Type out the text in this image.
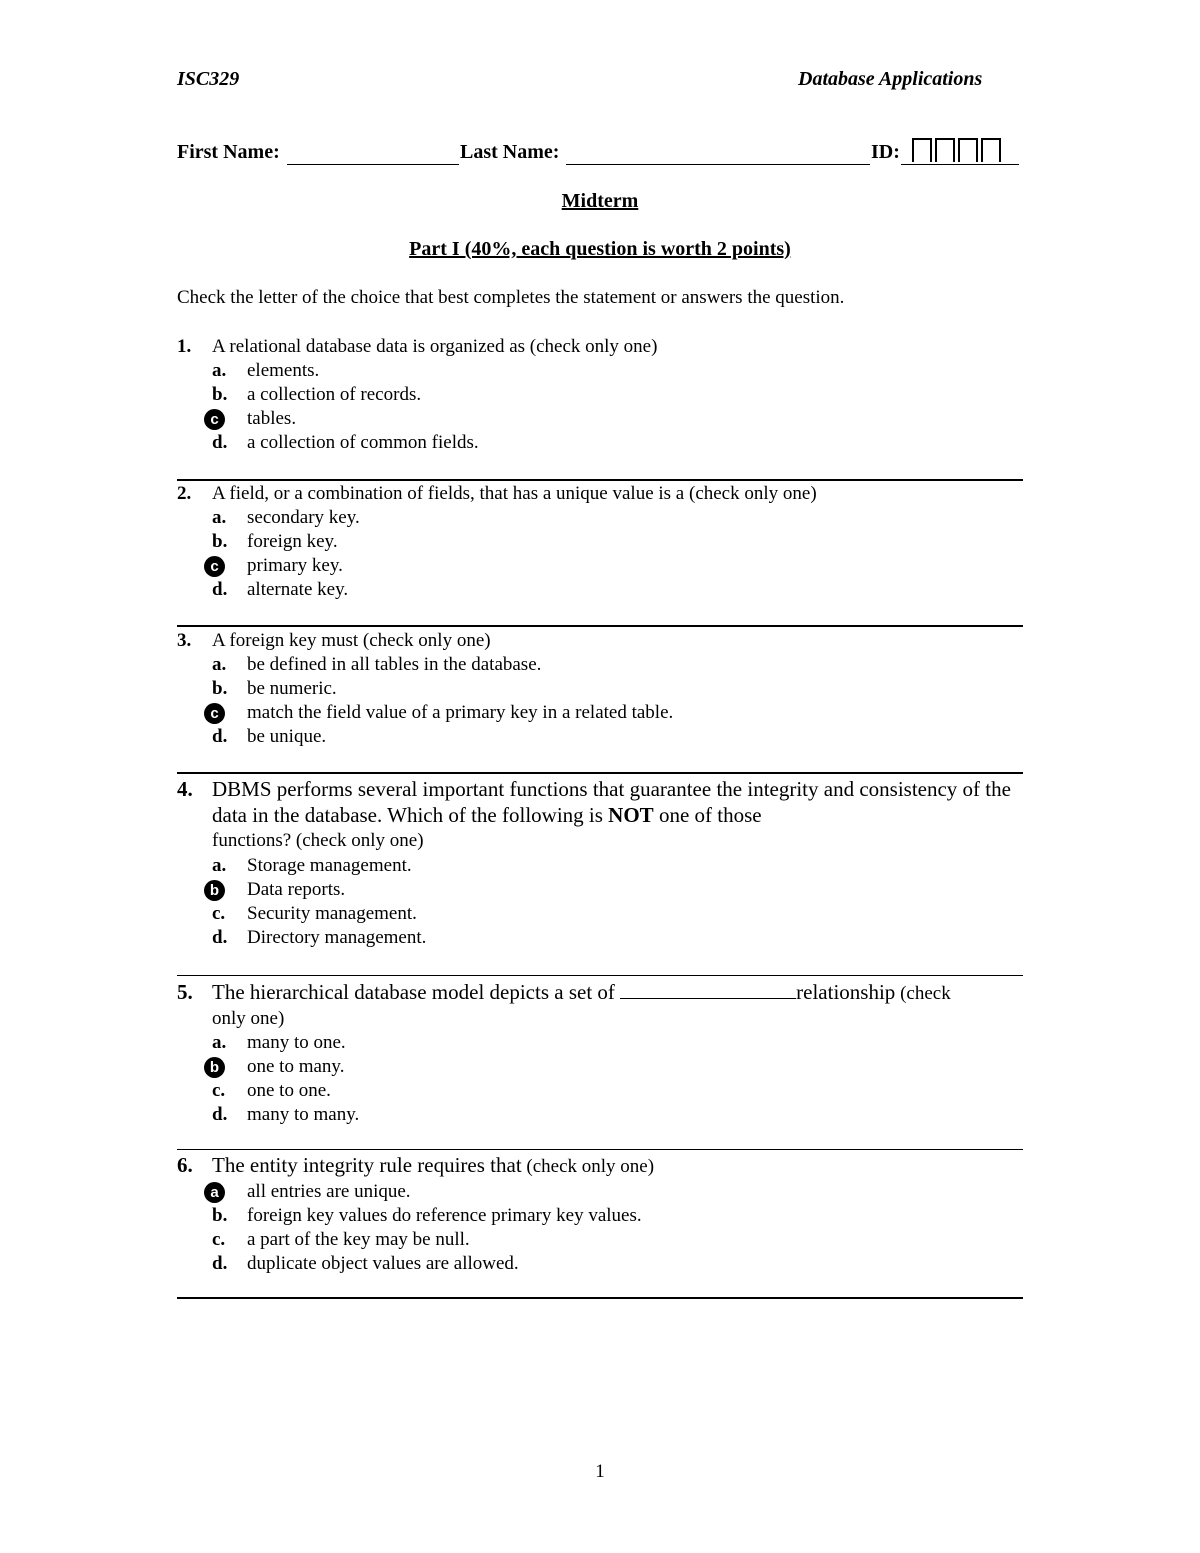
ISC329	Database Applications
First Name:	Last Name:	ID:
Midterm
Part I (40%, each question is worth 2 points)
Check the letter of the choice that best completes the statement or answers the question.
1. A relational database data is organized as (check only one)
a. elements.
b. a collection of records.
c	tables.
d. a collection of common fields.
2. A field, or a combination of fields, that has a unique value is a (check only one)
a. secondary key.
b. foreign key.
c	primary key.
d. alternate key.
3. A foreign key must (check only one)
a. be defined in all tables in the database.
b. be numeric.
c	match the field value of a primary key in a related table.
d. be unique.
4. DBMS performs several important functions that guarantee the integrity and consistency of the data in the database. Which of the following is NOT one of those
functions? (check only one)
a. Storage management.
b	Data reports.
c. Security management.
d. Directory management.
5. The hierarchical database model depicts a set of	relationship (check
only one)
a. many to one.
b	one to many.
c. one to one.
d. many to many.
6. The entity integrity rule requires that (check only one)
a	all entries are unique.
b. foreign key values do reference primary key values.
c. a part of the key may be null.
d. duplicate object values are allowed.
1
